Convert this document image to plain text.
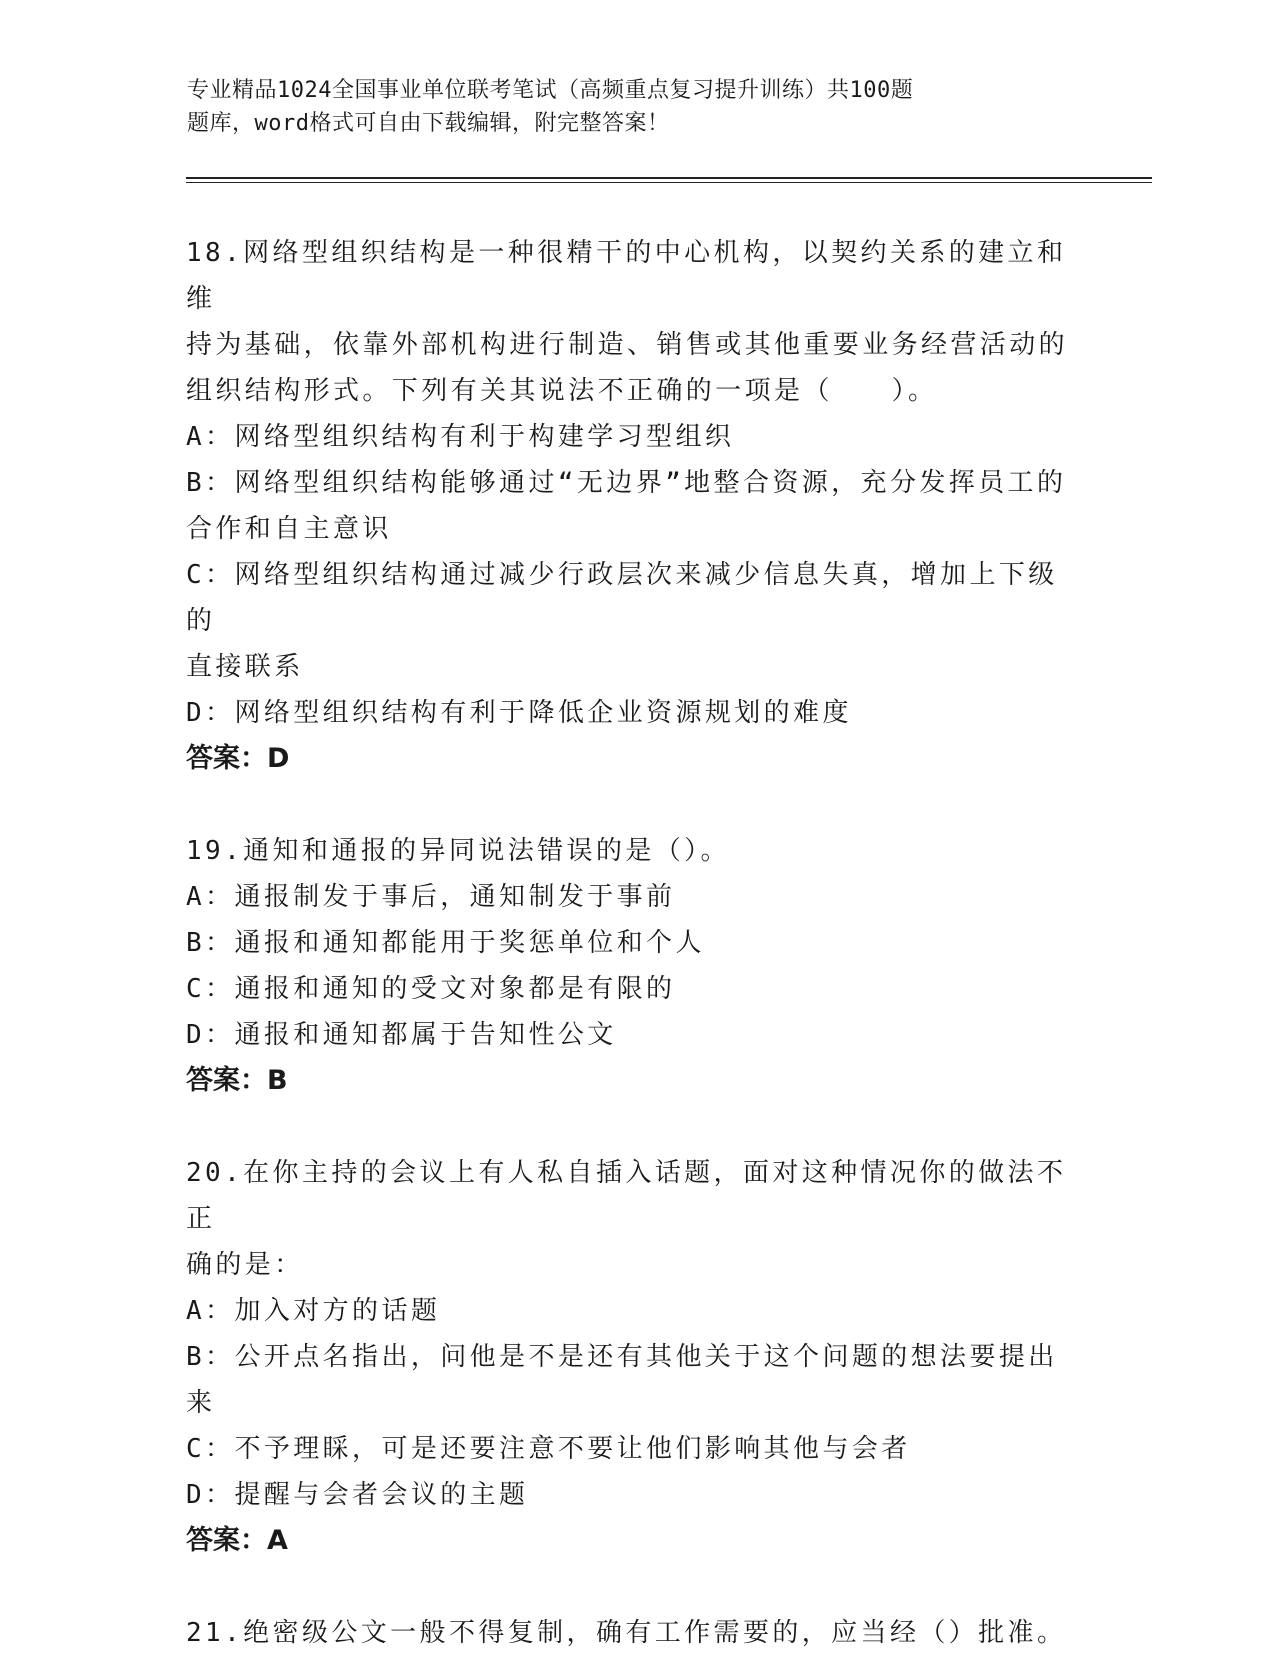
专业精品1024全国事业单位联考笔试（高频重点复习提升训练）共100题
题库，word格式可自由下载编辑，附完整答案！

18.网络型组织结构是一种很精干的中心机构，以契约关系的建立和维

持为基础，依靠外部机构进行制造、销售或其他重要业务经营活动的

组织结构形式。下列有关其说法不正确的一项是（　　）。

A：网络型组织结构有利于构建学习型组织

B：网络型组织结构能够通过“无边界”地整合资源，充分发挥员工的

合作和自主意识

C：网络型组织结构通过减少行政层次来减少信息失真，增加上下级的

直接联系

D：网络型组织结构有利于降低企业资源规划的难度

答案：D

19.通知和通报的异同说法错误的是（）。

A：通报制发于事后，通知制发于事前

B：通报和通知都能用于奖惩单位和个人

C：通报和通知的受文对象都是有限的

D：通报和通知都属于告知性公文

答案：B

20.在你主持的会议上有人私自插入话题，面对这种情况你的做法不正

确的是：

A：加入对方的话题

B：公开点名指出，问他是不是还有其他关于这个问题的想法要提出来

C：不予理睬，可是还要注意不要让他们影响其他与会者

D：提醒与会者会议的主题

答案：A

21.绝密级公文一般不得复制，确有工作需要的，应当经（）批准。
